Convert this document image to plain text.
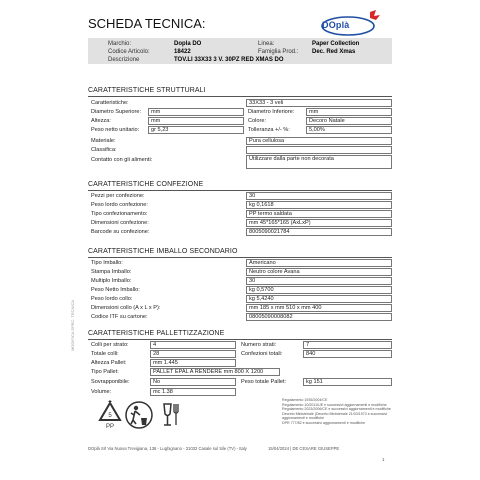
SCHEDA TECNICA:	DOplà
Marchio:	Dopla DO	Linea:	Paper Collection
Codice Articolo:	18422	Famiglia Prod.: Dec. Red Xmas
Descrizione	TOV.LI 33X33 3 V. 30PZ RED XMAS DO
MODIFICA SPEC. TECNICA
CARATTERISTICHE STRUTTURALI
Caratteristiche:	33X33 - 3 veli
Diametro Superiore:	mm	Diametro Inferiore:	mm
Altezza:	mm	Colore:	Decoro Natale
Peso netto unitario:	gr 5,23	Tolleranza +/- %:	5,00%
Materiale:	Pura cellulosa
Classifica:
Contatto con gli alimenti:	Utilizzare dalla parte non decorata
CARATTERISTICHE CONFEZIONE
Pezzi per confezione:	30
Peso lordo confezione:	kg 0,1618
Tipo confezionamento:	PP termo saldata
Dimensioni confezione:	mm 45*165*165 (AxLxP)
Barcode su confezione:	8005090021784
CARATTERISTICHE IMBALLO SECONDARIO
Tipo Imballo:	Americano
Stampa Imballo:	Neutro colore Avana
Multiplo Imballo:	30
Peso Netto Imballo:	kg 0,5700
Peso lordo collo:	kg 5,4240
Dimensioni collo (A x L x P):	mm 185 x mm 510 x mm 400
Codice ITF su cartone:	08005090008082
CARATTERISTICHE PALLETTIZZAZIONE
Colli per strato:	4	Numero strati:	7
Totale colli:	28	Confezioni totali:	840
Altezza Pallet:	mm 1.445
Tipo Pallet:	PALLET EPAL A RENDERE mm 800 X 1200
Sovrapponibile:	No	Peso totale Pallet:	kg 151
Volume:	mc 1.38
5
PP
Regolamento 1935/2004/CE
Regolamento 10/2011/UE e successivi aggiornamenti e modifiche
Regolamento 2023/2006/CE e successivi aggiornamenti e modifiche
Decreto Ministeriale (Decreto Ministeriale 21/03/1973 e successivi aggiornamenti e modifiche
DPR 777/82 e successivi aggiornamenti e modifiche
DOplà Srl Via Nuova Trevigiana, 136 - Lughignano - 31032 Casale sul Sile (TV) - Italy	15/04/2024 | DE CESARE GIUSEPPE
1
